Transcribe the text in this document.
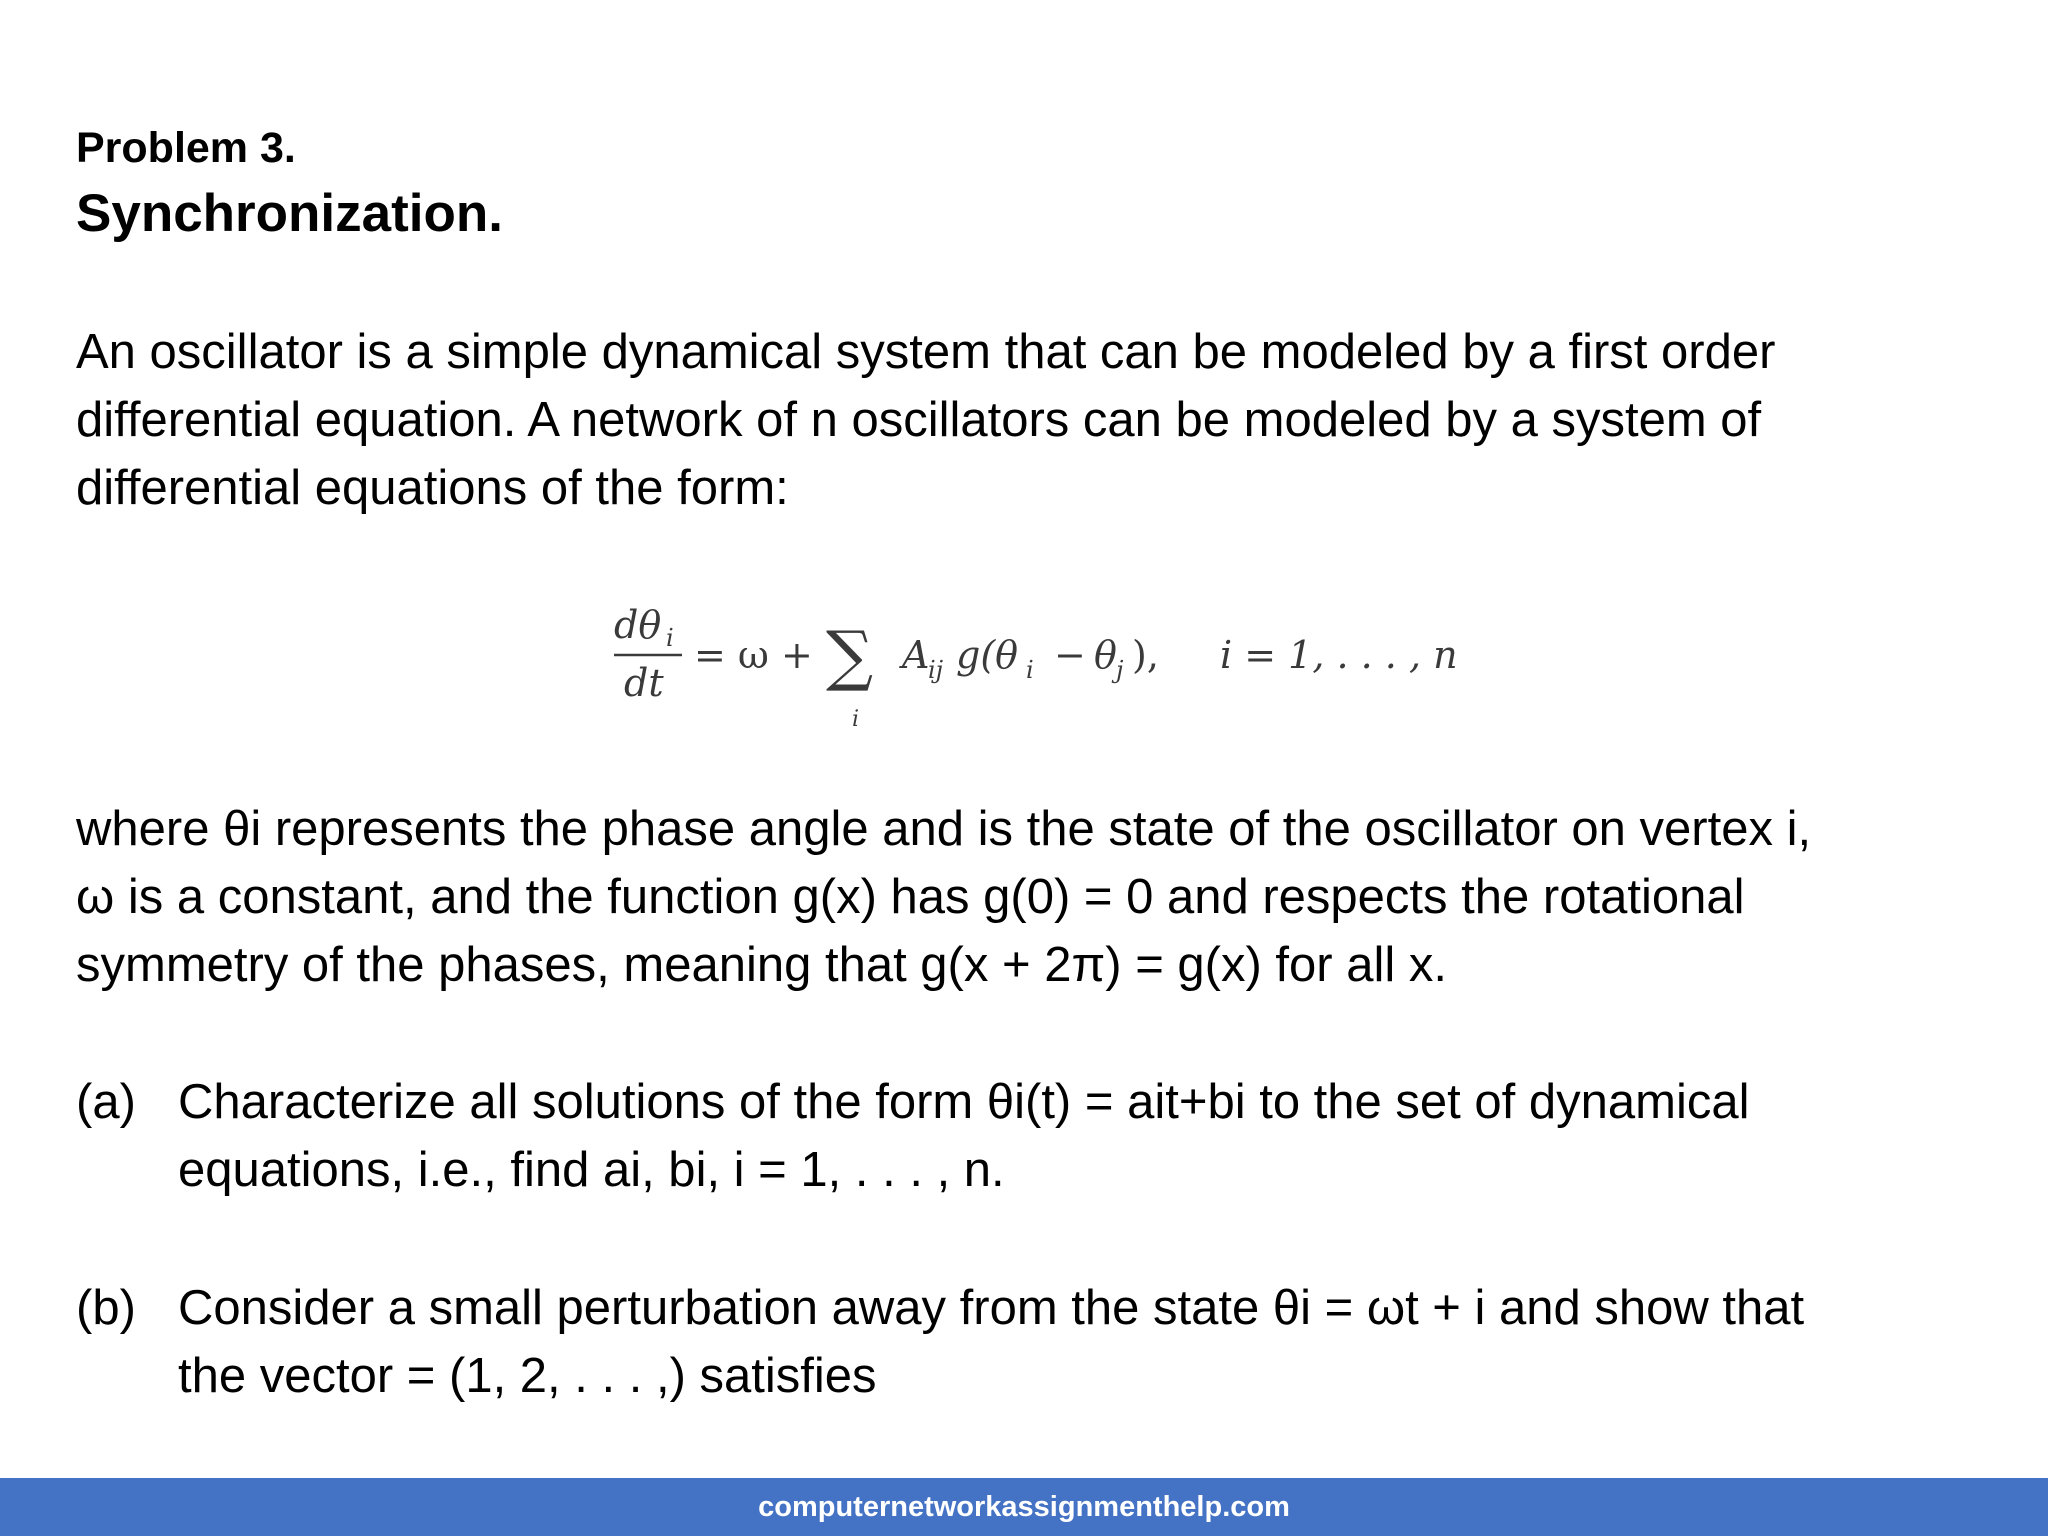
Problem 3.
Synchronization.
An oscillator is a simple dynamical system that can be modeled by a first order
differential equation. A network of n oscillators can be modeled by a system of
differential equations of the form:
dθ i
dt
= ω + ∑
i
A
ij g(θ i − θ j ), i = 1, . . . , n
where θi represents the phase angle and is the state of the oscillator on vertex i,
ω is a constant, and the function g(x) has g(0) = 0 and respects the rotational
symmetry of the phases, meaning that g(x + 2π) = g(x) for all x.
(a) Characterize all solutions of the form θi(t) = ait+bi to the set of dynamical
equations, i.e., find ai, bi, i = 1, . . . , n.
(b) Consider a small perturbation away from the state θi = ωt + i and show that
the vector = (1, 2, . . . ,) satisfies
computernetworkassignmenthelp.com
